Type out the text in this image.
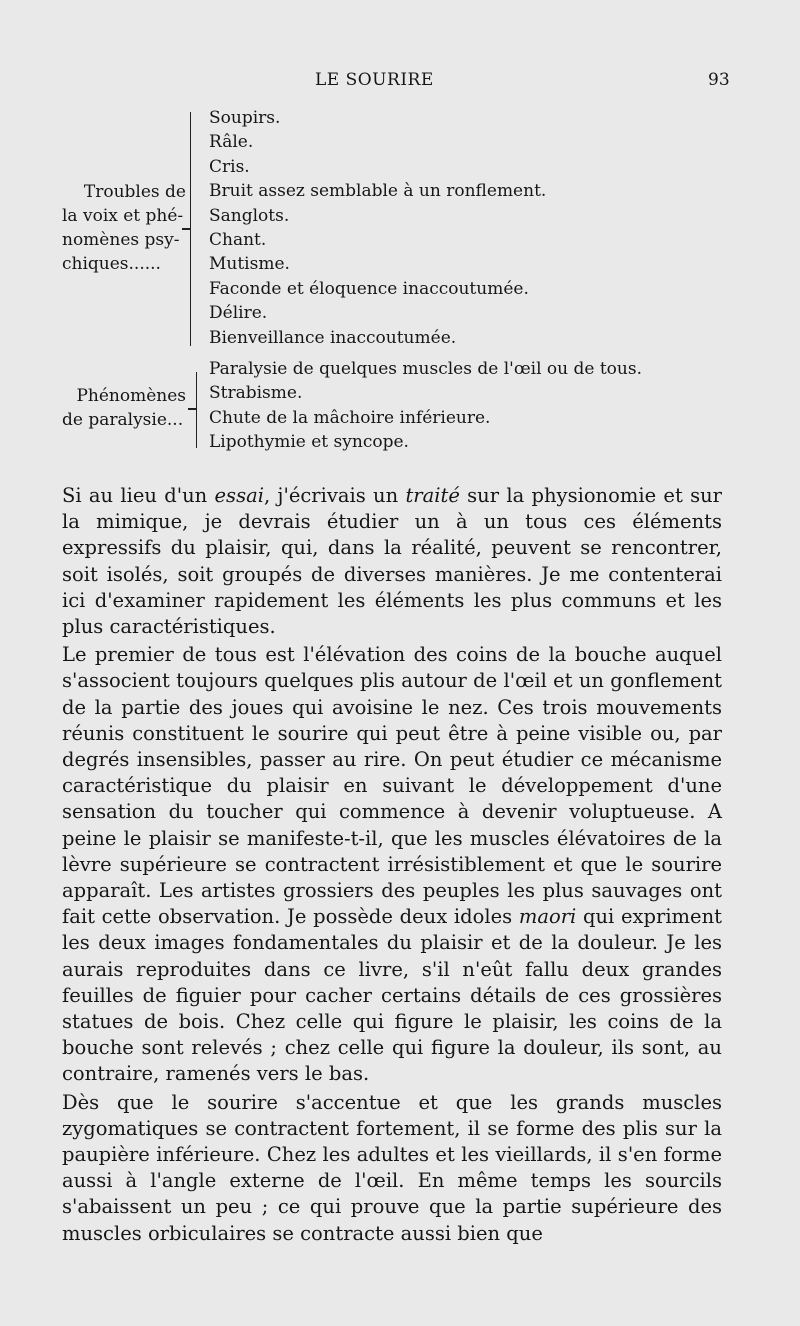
LE SOURIRE	93
Troubles de
la voix et phé-
nomènes psy-
chiques......
Soupirs.
Râle.
Cris.
Bruit assez semblable à un ronflement.
Sanglots.
Chant.
Mutisme.
Faconde et éloquence inaccoutumée.
Délire.
Bienveillance inaccoutumée.
Phénomènes
de paralysie...
Paralysie de quelques muscles de l'œil ou de tous.
Strabisme.
Chute de la mâchoire inférieure.
Lipothymie et syncope.

Si au lieu d'un essai, j'écrivais un traité sur la physionomie et sur la mimique, je devrais étudier un à un tous ces éléments expressifs du plaisir, qui, dans la réalité, peuvent se rencontrer, soit isolés, soit groupés de diverses manières. Je me contenterai ici d'examiner rapidement les éléments les plus communs et les plus caractéristiques.

Le premier de tous est l'élévation des coins de la bouche auquel s'associent toujours quelques plis autour de l'œil et un gonflement de la partie des joues qui avoisine le nez. Ces trois mouvements réunis constituent le sourire qui peut être à peine visible ou, par degrés insensibles, passer au rire. On peut étudier ce mécanisme caractéristique du plaisir en suivant le développement d'une sensation du toucher qui commence à devenir voluptueuse. A peine le plaisir se manifeste-t-il, que les muscles élévatoires de la lèvre supérieure se contractent irrésistiblement et que le sourire apparaît. Les artistes grossiers des peuples les plus sauvages ont fait cette observation. Je possède deux idoles maori qui expriment les deux images fondamentales du plaisir et de la douleur. Je les aurais reproduites dans ce livre, s'il n'eût fallu deux grandes feuilles de figuier pour cacher certains détails de ces grossières statues de bois. Chez celle qui figure le plaisir, les coins de la bouche sont relevés ; chez celle qui figure la douleur, ils sont, au contraire, ramenés vers le bas.

Dès que le sourire s'accentue et que les grands muscles zygomatiques se contractent fortement, il se forme des plis sur la paupière inférieure. Chez les adultes et les vieillards, il s'en forme aussi à l'angle externe de l'œil. En même temps les sourcils s'abaissent un peu ; ce qui prouve que la partie supérieure des muscles orbiculaires se contracte aussi bien que
